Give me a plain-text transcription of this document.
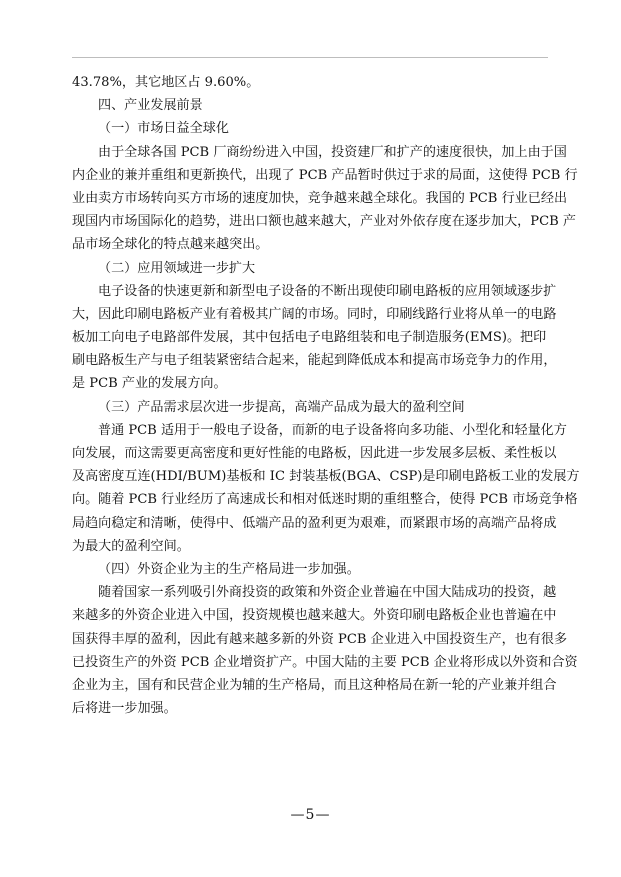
43.78%，其它地区占 9.60%。
四、产业发展前景
（一）市场日益全球化
由于全球各国 PCB 厂商纷纷进入中国，投资建厂和扩产的速度很快，加上由于国
内企业的兼并重组和更新换代，出现了 PCB 产品暂时供过于求的局面，这使得 PCB 行
业由卖方市场转向买方市场的速度加快，竞争越来越全球化。我国的 PCB 行业已经出
现国内市场国际化的趋势，进出口额也越来越大，产业对外依存度在逐步加大，PCB 产
品市场全球化的特点越来越突出。
（二）应用领域进一步扩大
电子设备的快速更新和新型电子设备的不断出现使印刷电路板的应用领域逐步扩
大，因此印刷电路板产业有着极其广阔的市场。同时，印刷线路行业将从单一的电路
板加工向电子电路部件发展，其中包括电子电路组装和电子制造服务(EMS)。把印
刷电路板生产与电子组装紧密结合起来，能起到降低成本和提高市场竞争力的作用，
是 PCB 产业的发展方向。
（三）产品需求层次进一步提高，高端产品成为最大的盈利空间
普通 PCB 适用于一般电子设备，而新的电子设备将向多功能、小型化和轻量化方
向发展，而这需要更高密度和更好性能的电路板，因此进一步发展多层板、柔性板以
及高密度互连(HDI/BUM)基板和 IC 封装基板(BGA、CSP)是印刷电路板工业的发展方
向。随着 PCB 行业经历了高速成长和相对低迷时期的重组整合，使得 PCB 市场竞争格
局趋向稳定和清晰，使得中、低端产品的盈利更为艰难，而紧跟市场的高端产品将成
为最大的盈利空间。
（四）外资企业为主的生产格局进一步加强。
随着国家一系列吸引外商投资的政策和外资企业普遍在中国大陆成功的投资，越
来越多的外资企业进入中国，投资规模也越来越大。外资印刷电路板企业也普遍在中
国获得丰厚的盈利，因此有越来越多新的外资 PCB 企业进入中国投资生产，也有很多
已投资生产的外资 PCB 企业增资扩产。中国大陆的主要 PCB 企业将形成以外资和合资
企业为主，国有和民营企业为辅的生产格局，而且这种格局在新一轮的产业兼并组合
后将进一步加强。
—5—
